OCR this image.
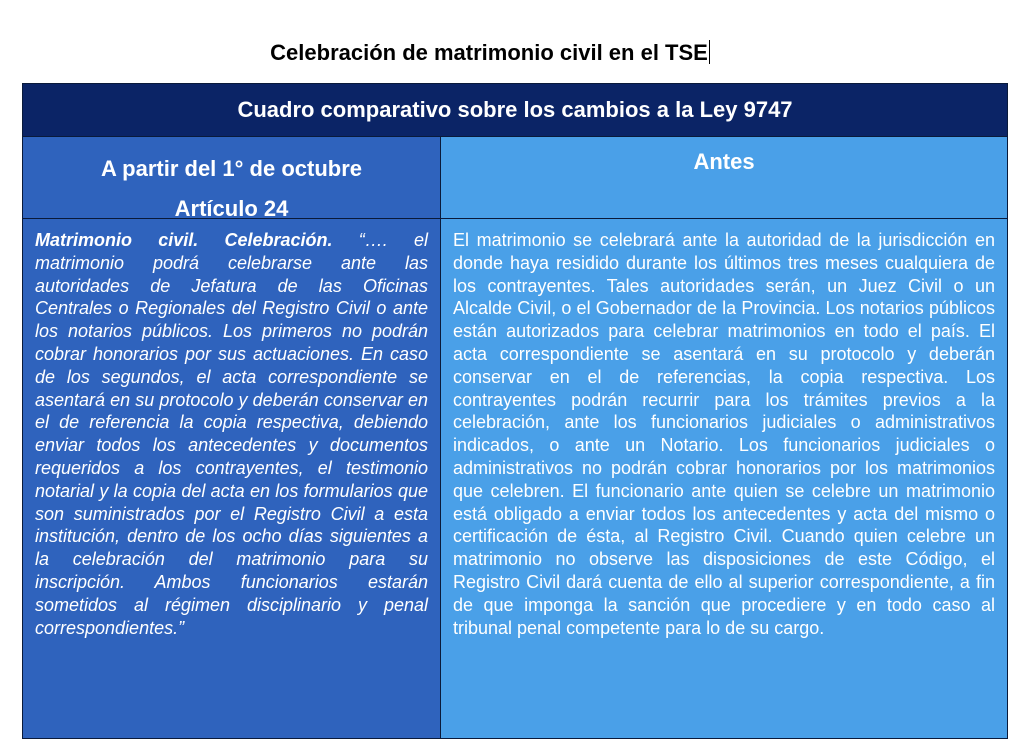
Celebración de matrimonio civil en el TSE
Cuadro comparativo sobre los cambios a la Ley 9747
A partir del 1° de octubre
Artículo 24
Matrimonio civil. Celebración. “…. el matrimonio podrá celebrarse ante las autoridades de Jefatura de las Oficinas Centrales o Regionales del Registro Civil o ante los notarios públicos. Los primeros no podrán cobrar honorarios por sus actuaciones. En caso de los segundos, el acta correspondiente se asentará en su protocolo y deberán conservar en el de referencia la copia respectiva, debiendo enviar todos los antecedentes y documentos requeridos a los contrayentes, el testimonio notarial y la copia del acta en los formularios que son suministrados por el Registro Civil a esta institución, dentro de los ocho días siguientes a la celebración del matrimonio para su inscripción. Ambos funcionarios estarán sometidos al régimen disciplinario y penal correspondientes.”
Antes
El matrimonio se celebrará ante la autoridad de la jurisdicción en donde haya residido durante los últimos tres meses cualquiera de los contrayentes. Tales autoridades serán, un Juez Civil o un Alcalde Civil, o el Gobernador de la Provincia. Los notarios públicos están autorizados para celebrar matrimonios en todo el país. El acta correspondiente se asentará en su protocolo y deberán conservar en el de referencias, la copia respectiva. Los contrayentes podrán recurrir para los trámites previos a la celebración, ante los funcionarios judiciales o administrativos indicados, o ante un Notario. Los funcionarios judiciales o administrativos no podrán cobrar honorarios por los matrimonios que celebren. El funcionario ante quien se celebre un matrimonio está obligado a enviar todos los antecedentes y acta del mismo o certificación de ésta, al Registro Civil. Cuando quien celebre un matrimonio no observe las disposiciones de este Código, el Registro Civil dará cuenta de ello al superior correspondiente, a fin de que imponga la sanción que procediere y en todo caso al tribunal penal competente para lo de su cargo.
